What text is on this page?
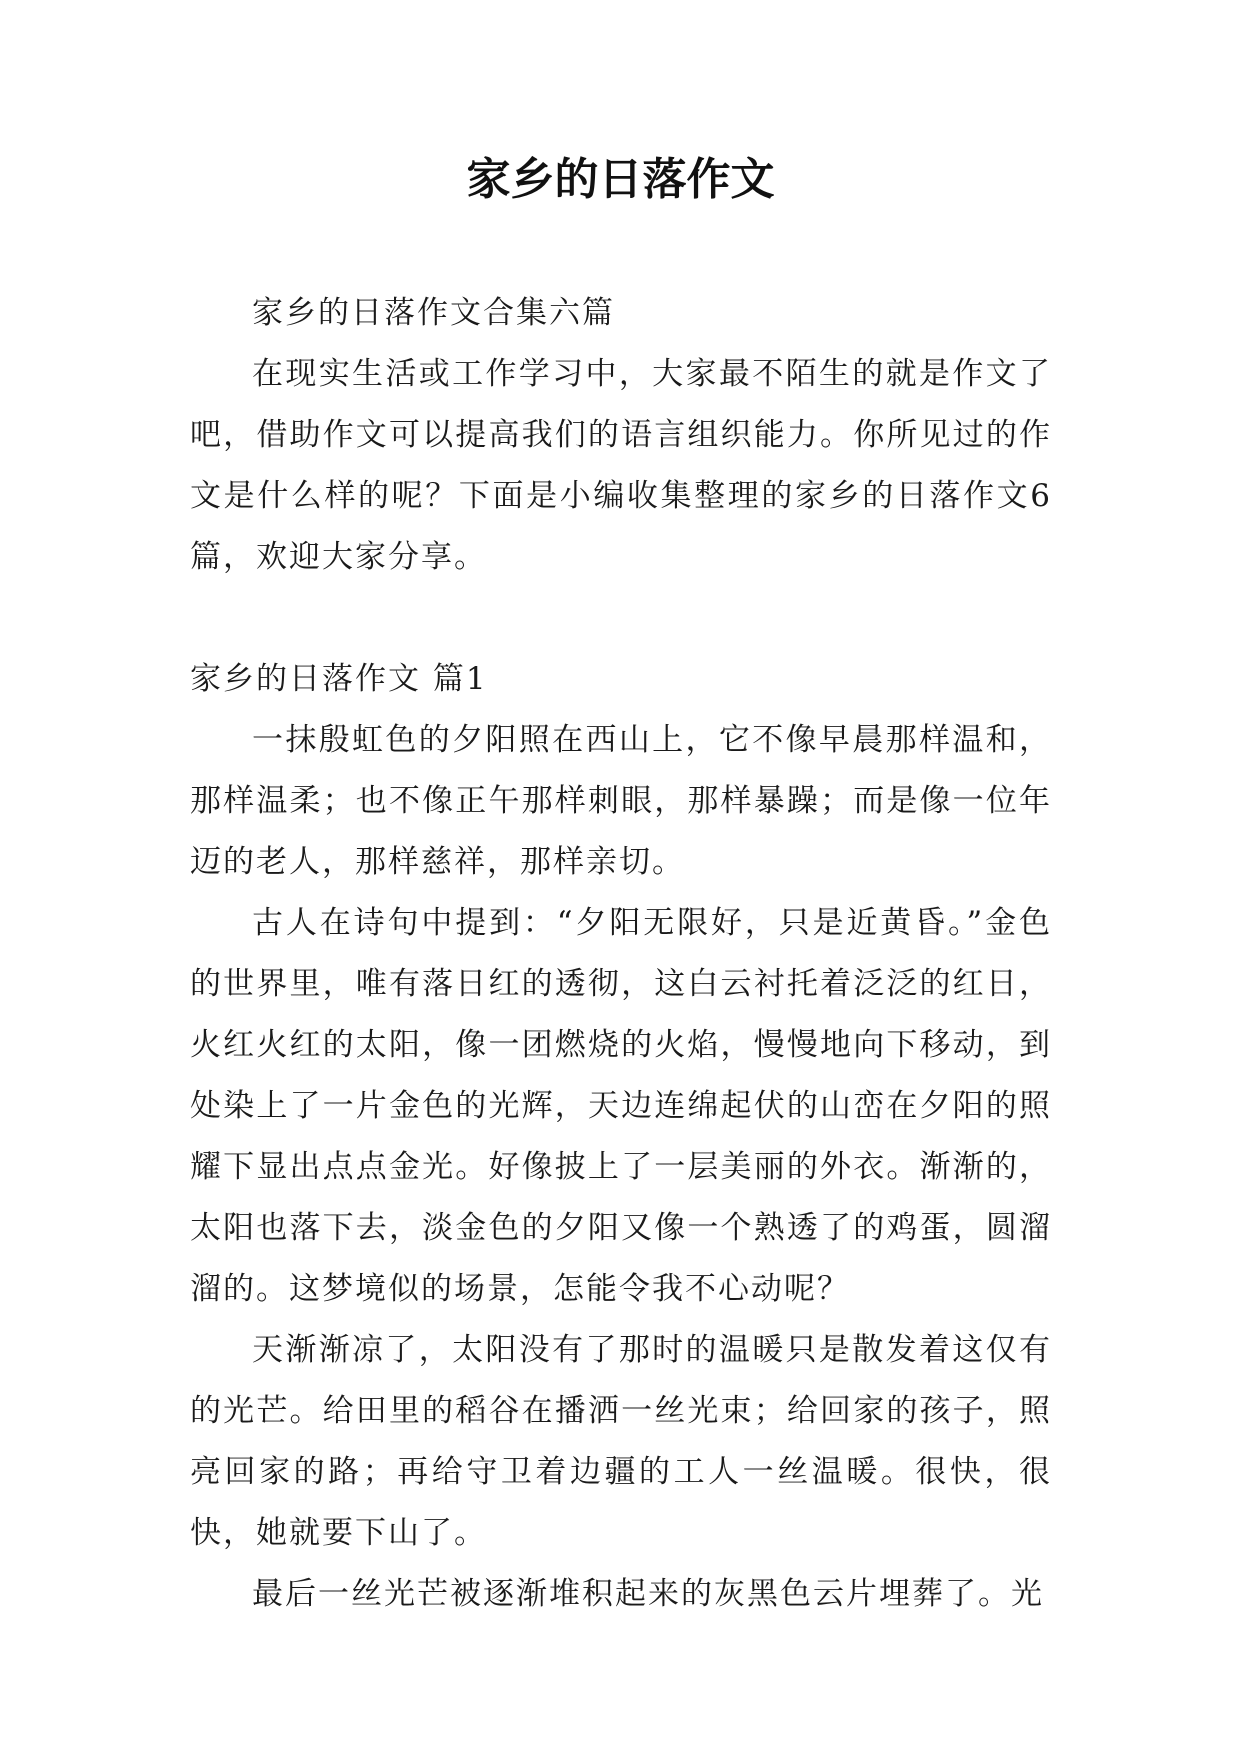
家乡的日落作文

家乡的日落作文合集六篇

在现实生活或工作学习中，大家最不陌生的就是作文了吧，借助作文可以提高我们的语言组织能力。你所见过的作文是什么样的呢？下面是小编收集整理的家乡的日落作文6篇，欢迎大家分享。

家乡的日落作文 篇1

一抹殷虹色的夕阳照在西山上，它不像早晨那样温和，那样温柔；也不像正午那样刺眼，那样暴躁；而是像一位年迈的老人，那样慈祥，那样亲切。

古人在诗句中提到：“夕阳无限好，只是近黄昏。”金色的世界里，唯有落日红的透彻，这白云衬托着泛泛的红日，火红火红的太阳，像一团燃烧的火焰，慢慢地向下移动，到处染上了一片金色的光辉，天边连绵起伏的山峦在夕阳的照耀下显出点点金光。好像披上了一层美丽的外衣。渐渐的，太阳也落下去，淡金色的夕阳又像一个熟透了的鸡蛋，圆溜溜的。这梦境似的场景，怎能令我不心动呢？

天渐渐凉了，太阳没有了那时的温暖只是散发着这仅有的光芒。给田里的稻谷在播洒一丝光束；给回家的孩子，照亮回家的路；再给守卫着边疆的工人一丝温暖。很快，很快，她就要下山了。

最后一丝光芒被逐渐堆积起来的灰黑色云片埋葬了。光
